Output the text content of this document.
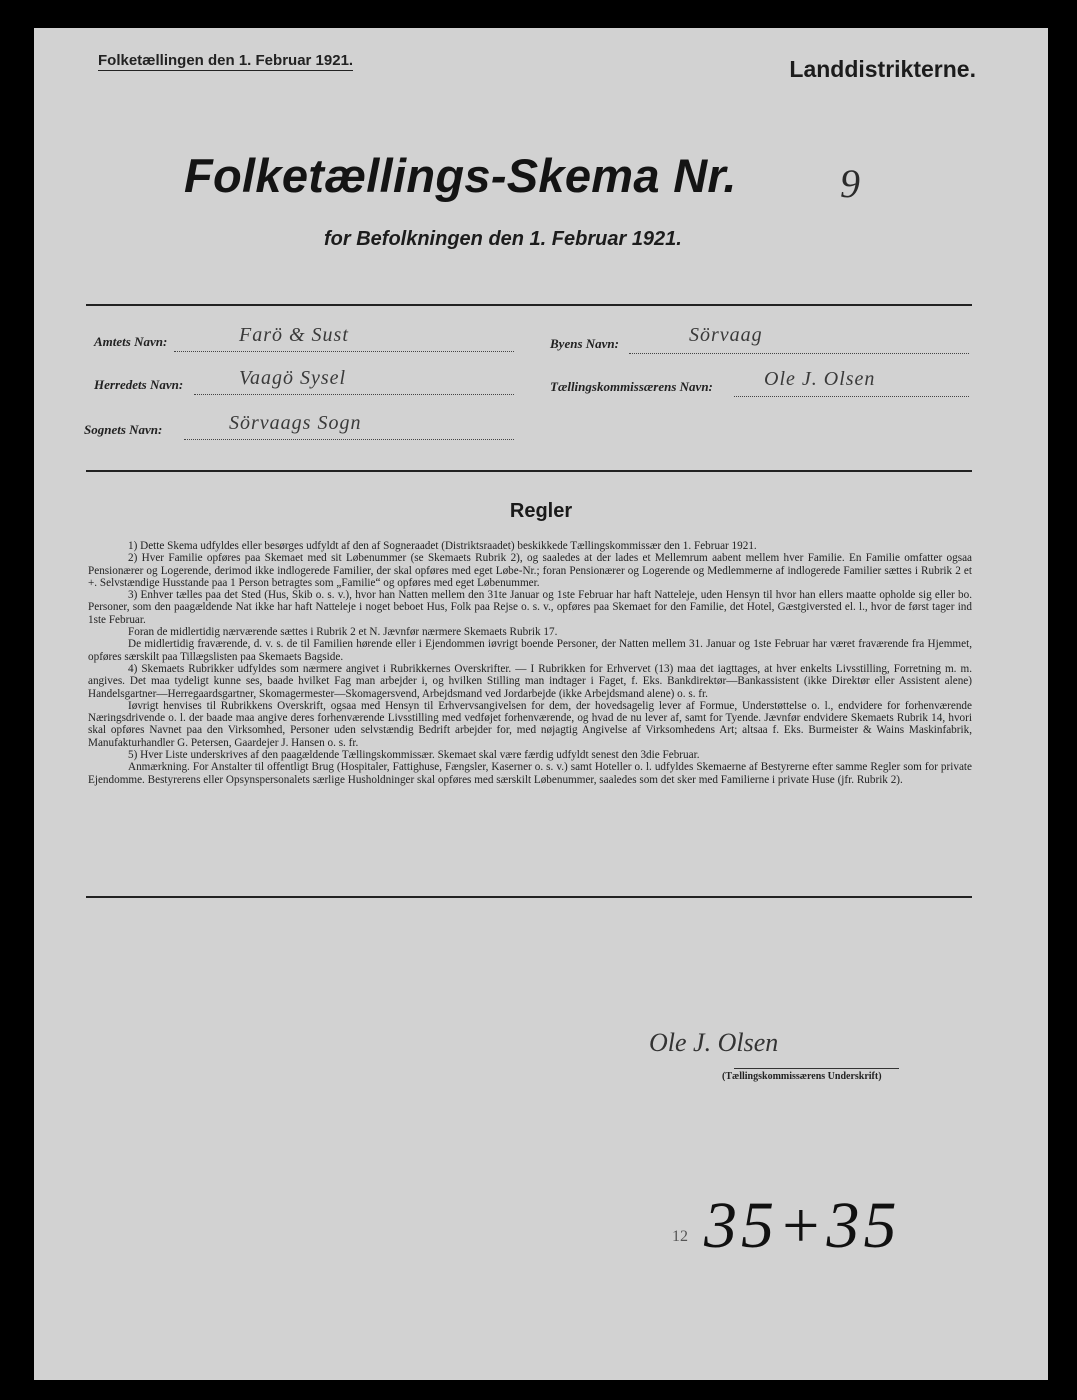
Folketællingen den 1. Februar 1921.	Landdistrikterne.
Folketællings-Skema Nr.	9
for Befolkningen den 1. Februar 1921.
Amtets Navn:	Farö & Sust
Herredets Navn:	Vaagö Sysel
Sognets Navn:	Sörvaags Sogn
Byens Navn:	Sörvaag
Tællingskommissærens Navn:	Ole J. Olsen
Regler

1) Dette Skema udfyldes eller besørges udfyldt af den af Sogneraadet (Distriktsraadet) beskikkede Tællingskommissær den 1. Februar 1921.

2) Hver Familie opføres paa Skemaet med sit Løbenummer (se Skemaets Rubrik 2), og saaledes at der lades et Mellemrum aabent mellem hver Familie. En Familie omfatter ogsaa Pensionærer og Logerende, derimod ikke indlogerede Familier, der skal opføres med eget Løbe-Nr.; foran Pensionærer og Logerende og Medlemmerne af indlogerede Familier sættes i Rubrik 2 et +. Selvstændige Husstande paa 1 Person betragtes som „Familie“ og opføres med eget Løbenummer.

3) Enhver tælles paa det Sted (Hus, Skib o. s. v.), hvor han Natten mellem den 31te Januar og 1ste Februar har haft Natteleje, uden Hensyn til hvor han ellers maatte opholde sig eller bo. Personer, som den paagældende Nat ikke har haft Natteleje i noget beboet Hus, Folk paa Rejse o. s. v., opføres paa Skemaet for den Familie, det Hotel, Gæstgiversted el. l., hvor de først tager ind 1ste Februar.

Foran de midlertidig nærværende sættes i Rubrik 2 et N. Jævnfør nærmere Skemaets Rubrik 17.

De midlertidig fraværende, d. v. s. de til Familien hørende eller i Ejendommen iøvrigt boende Personer, der Natten mellem 31. Januar og 1ste Februar har været fraværende fra Hjemmet, opføres særskilt paa Tillægslisten paa Skemaets Bagside.

4) Skemaets Rubrikker udfyldes som nærmere angivet i Rubrikkernes Overskrifter. — I Rubrikken for Erhvervet (13) maa det iagttages, at hver enkelts Livsstilling, Forretning m. m. angives. Det maa tydeligt kunne ses, baade hvilket Fag man arbejder i, og hvilken Stilling man indtager i Faget, f. Eks. Bankdirektør—Bankassistent (ikke Direktør eller Assistent alene) Handelsgartner—Herregaardsgartner, Skomagermester—Skomagersvend, Arbejdsmand ved Jordarbejde (ikke Arbejdsmand alene) o. s. fr.

Iøvrigt henvises til Rubrikkens Overskrift, ogsaa med Hensyn til Erhvervsangivelsen for dem, der hovedsagelig lever af Formue, Understøttelse o. l., endvidere for forhenværende Næringsdrivende o. l. der baade maa angive deres forhenværende Livsstilling med vedføjet forhenværende, og hvad de nu lever af, samt for Tyende. Jævnfør endvidere Skemaets Rubrik 14, hvori skal opføres Navnet paa den Virksomhed, Personer uden selvstændig Bedrift arbejder for, med nøjagtig Angivelse af Virksomhedens Art; altsaa f. Eks. Burmeister & Wains Maskinfabrik, Manufakturhandler G. Petersen, Gaardejer J. Hansen o. s. fr.

5) Hver Liste underskrives af den paagældende Tællingskommissær. Skemaet skal være færdig udfyldt senest den 3die Februar.

Anmærkning. For Anstalter til offentligt Brug (Hospitaler, Fattighuse, Fængsler, Kaserner o. s. v.) samt Hoteller o. l. udfyldes Skemaerne af Bestyrerne efter samme Regler som for private Ejendomme. Bestyrerens eller Opsynspersonalets særlige Husholdninger skal opføres med særskilt Løbenummer, saaledes som det sker med Familierne i private Huse (jfr. Rubrik 2).

Ole J. Olsen
(Tællingskommissærens Underskrift)
12 35+35
